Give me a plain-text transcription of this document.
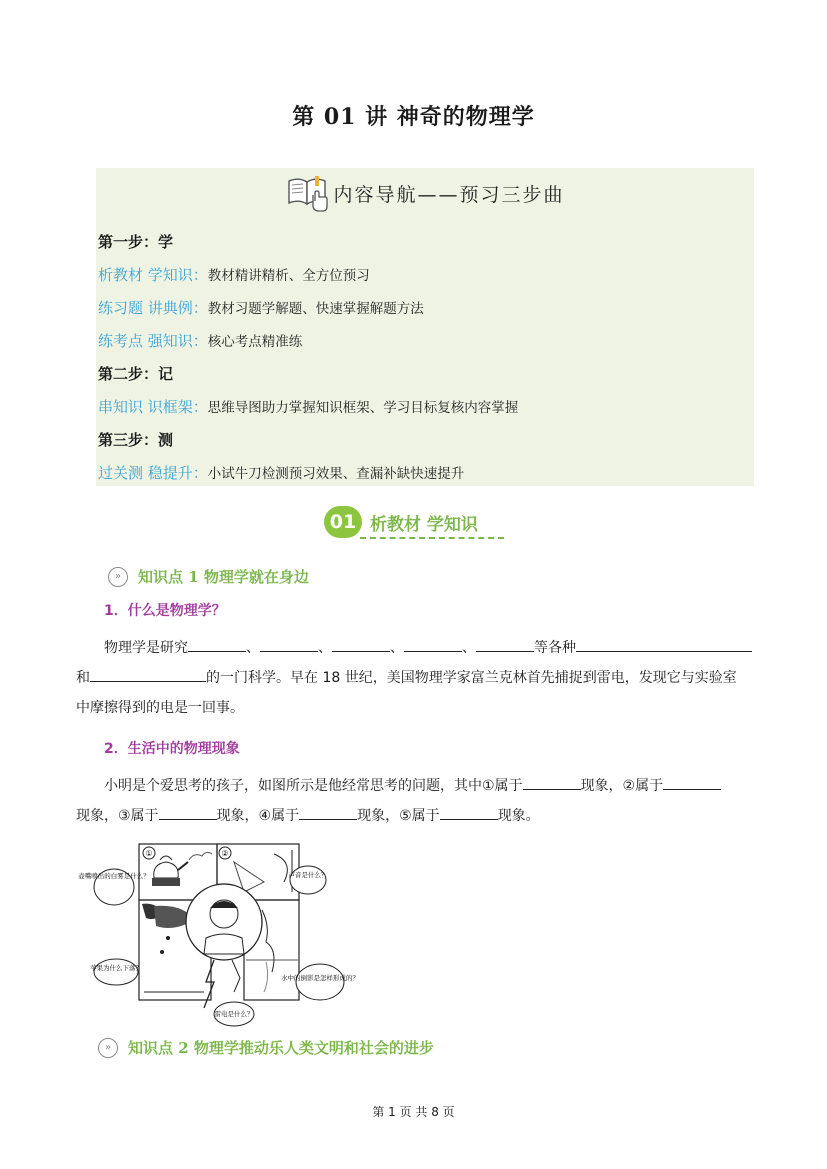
第 01 讲 神奇的物理学
内容导航——预习三步曲
第一步：学
析教材 学知识：教材精讲精析、全方位预习
练习题 讲典例：教材习题学解题、快速掌握解题方法
练考点 强知识：核心考点精准练
第二步：记
串知识 识框架：思维导图助力掌握知识框架、学习目标复核内容掌握
第三步：测
过关测 稳提升：小试牛刀检测预习效果、查漏补缺快速提升
01 析教材 学知识
»	知识点 1 物理学就在身边
1．什么是物理学？
物理学是研究	、	、	、	、	等各种
和	的一门科学。早在 18 世纪，美国物理学家富兰克林首先捕捉到雷电，发现它与实验室
中摩擦得到的电是一回事。
2．生活中的物理现象
小明是个爱思考的孩子，如图所示是他经常思考的问题，其中①属于	现象，②属于
现象，③属于	现象，④属于	现象，⑤属于	现象。
①	②
壶嘴喷出的白雾是什么？	声音是什么？
苹果为什么下落？
水中的倒影是怎样形成的？
雷电是什么？
»	知识点 2 物理学推动乐人类文明和社会的进步
第 1 页 共 8 页
